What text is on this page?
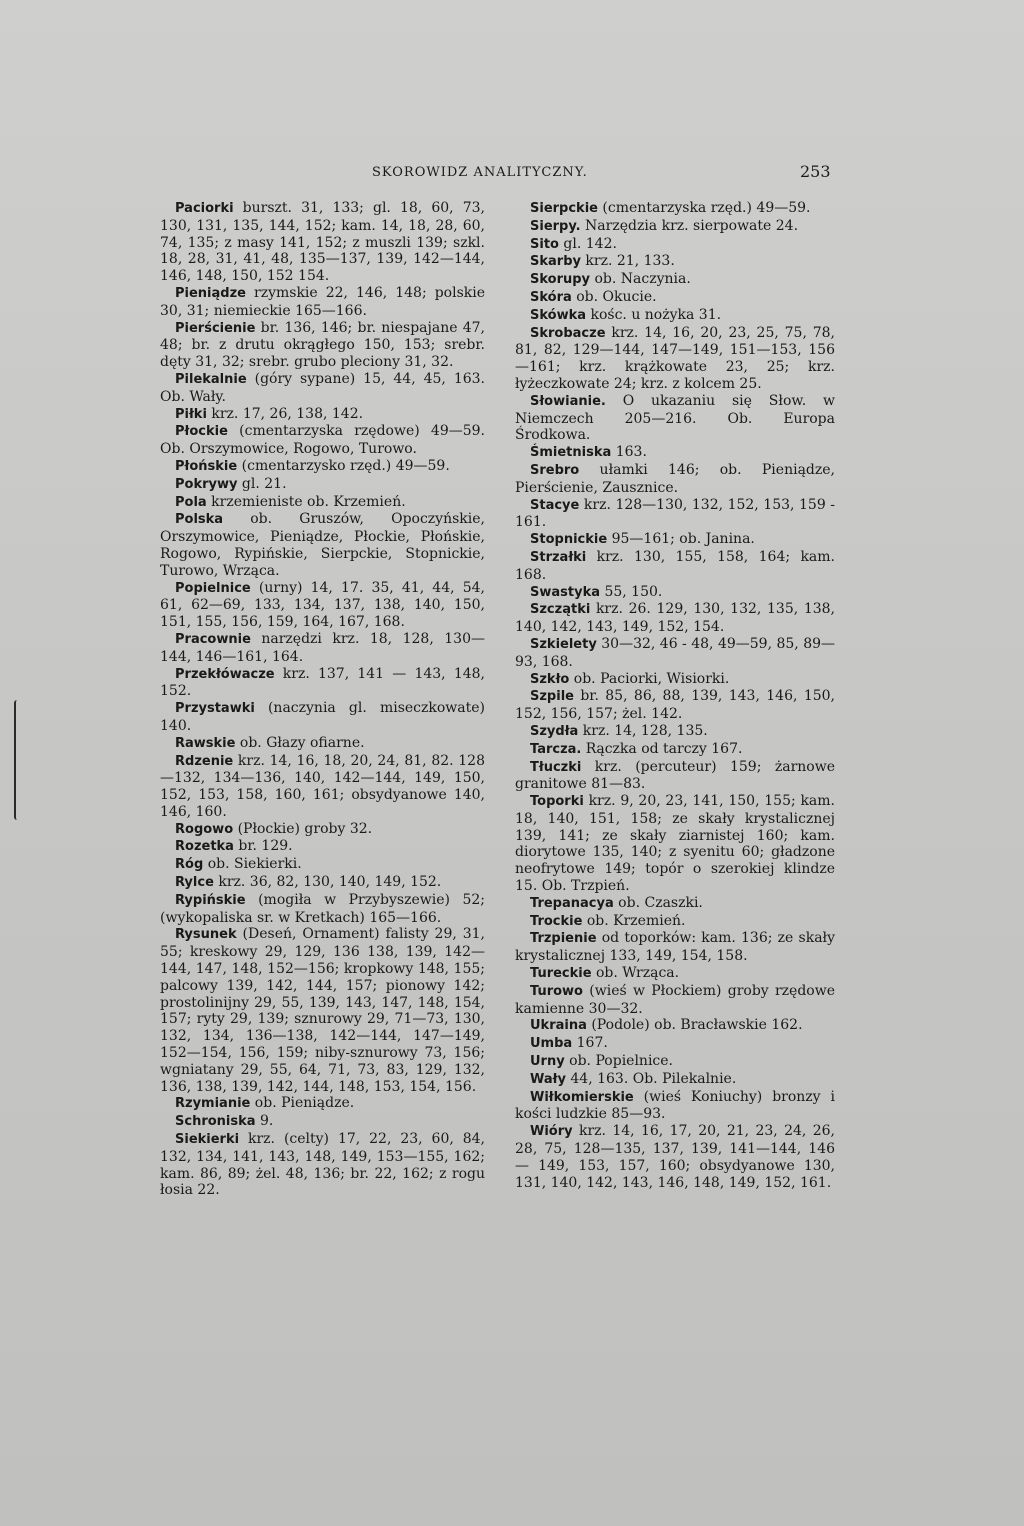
SKOROWIDZ ANALITYCZNY.	253

Paciorki burszt. 31, 133; gl. 18, 60, 73, 130, 131, 135, 144, 152; kam. 14, 18, 28, 60, 74, 135; z masy 141, 152; z muszli 139; szkl. 18, 28, 31, 41, 48, 135—137, 139, 142—144, 146, 148, 150, 152 154.

Pieniądze rzymskie 22, 146, 148; polskie 30, 31; niemieckie 165—166.

Pierścienie br. 136, 146; br. niespajane 47, 48; br. z drutu okrągłego 150, 153; srebr. dęty 31, 32; srebr. grubo pleciony 31, 32.

Pilekalnie (góry sypane) 15, 44, 45, 163. Ob. Wały.

Piłki krz. 17, 26, 138, 142.

Płockie (cmentarzyska rzędowe) 49—59. Ob. Orszymowice, Rogowo, Turowo.

Płońskie (cmentarzysko rzęd.) 49—59.

Pokrywy gl. 21.

Pola krzemieniste ob. Krzemień.

Polska ob. Gruszów, Opoczyńskie, Orszymowice, Pieniądze, Płockie, Płońskie, Rogowo, Rypińskie, Sierpckie, Stopnickie, Turowo, Wrząca.

Popielnice (urny) 14, 17. 35, 41, 44, 54, 61, 62—69, 133, 134, 137, 138, 140, 150, 151, 155, 156, 159, 164, 167, 168.

Pracownie narzędzi krz. 18, 128, 130—144, 146—161, 164.

Przekłówacze krz. 137, 141 — 143, 148, 152.

Przystawki (naczynia gl. miseczkowate) 140.

Rawskie ob. Głazy ofiarne.

Rdzenie krz. 14, 16, 18, 20, 24, 81, 82. 128—132, 134—136, 140, 142—144, 149, 150, 152, 153, 158, 160, 161; obsydyanowe 140, 146, 160.

Rogowo (Płockie) groby 32.

Rozetka br. 129.

Róg ob. Siekierki.

Rylce krz. 36, 82, 130, 140, 149, 152.

Rypińskie (mogiła w Przybyszewie) 52; (wykopaliska sr. w Kretkach) 165—166.

Rysunek (Deseń, Ornament) falisty 29, 31, 55; kreskowy 29, 129, 136 138, 139, 142—144, 147, 148, 152—156; kropkowy 148, 155; palcowy 139, 142, 144, 157; pionowy 142; prostolinijny 29, 55, 139, 143, 147, 148, 154, 157; ryty 29, 139; sznurowy 29, 71—73, 130, 132, 134, 136—138, 142—144, 147—149, 152—154, 156, 159; niby-sznurowy 73, 156; wgniatany 29, 55, 64, 71, 73, 83, 129, 132, 136, 138, 139, 142, 144, 148, 153, 154, 156.

Rzymianie ob. Pieniądze.

Schroniska 9.

Siekierki krz. (celty) 17, 22, 23, 60, 84, 132, 134, 141, 143, 148, 149, 153—155, 162; kam. 86, 89; żel. 48, 136; br. 22, 162; z rogu łosia 22.

Sierpckie (cmentarzyska rzęd.) 49—59.

Sierpy. Narzędzia krz. sierpowate 24.

Sito gl. 142.

Skarby krz. 21, 133.

Skorupy ob. Naczynia.

Skóra ob. Okucie.

Skówka kośc. u nożyka 31.

Skrobacze krz. 14, 16, 20, 23, 25, 75, 78, 81, 82, 129—144, 147—149, 151—153, 156—161; krz. krążkowate 23, 25; krz. łyżeczkowate 24; krz. z kolcem 25.

Słowianie. O ukazaniu się Słow. w Niemczech 205—216. Ob. Europa Środkowa.

Śmietniska 163.

Srebro ułamki 146; ob. Pieniądze, Pierścienie, Zausznice.

Stacye krz. 128—130, 132, 152, 153, 159 - 161.

Stopnickie 95—161; ob. Janina.

Strzałki krz. 130, 155, 158, 164; kam. 168.

Swastyka 55, 150.

Szczątki krz. 26. 129, 130, 132, 135, 138, 140, 142, 143, 149, 152, 154.

Szkielety 30—32, 46 - 48, 49—59, 85, 89—93, 168.

Szkło ob. Paciorki, Wisiorki.

Szpile br. 85, 86, 88, 139, 143, 146, 150, 152, 156, 157; żel. 142.

Szydła krz. 14, 128, 135.

Tarcza. Rączka od tarczy 167.

Tłuczki krz. (percuteur) 159; żarnowe granitowe 81—83.

Toporki krz. 9, 20, 23, 141, 150, 155; kam. 18, 140, 151, 158; ze skały krystalicznej 139, 141; ze skały ziarnistej 160; kam. diorytowe 135, 140; z syenitu 60; gładzone neofrytowe 149; topór o szerokiej klindze 15. Ob. Trzpień.

Trepanacya ob. Czaszki.

Trockie ob. Krzemień.

Trzpienie od toporków: kam. 136; ze skały krystalicznej 133, 149, 154, 158.

Tureckie ob. Wrząca.

Turowo (wieś w Płockiem) groby rzędowe kamienne 30—32.

Ukraina (Podole) ob. Bracławskie 162.

Umba 167.

Urny ob. Popielnice.

Wały 44, 163. Ob. Pilekalnie.

Wiłkomierskie (wieś Koniuchy) bronzy i kości ludzkie 85—93.

Wióry krz. 14, 16, 17, 20, 21, 23, 24, 26, 28, 75, 128—135, 137, 139, 141—144, 146 — 149, 153, 157, 160; obsydyanowe 130, 131, 140, 142, 143, 146, 148, 149, 152, 161.
